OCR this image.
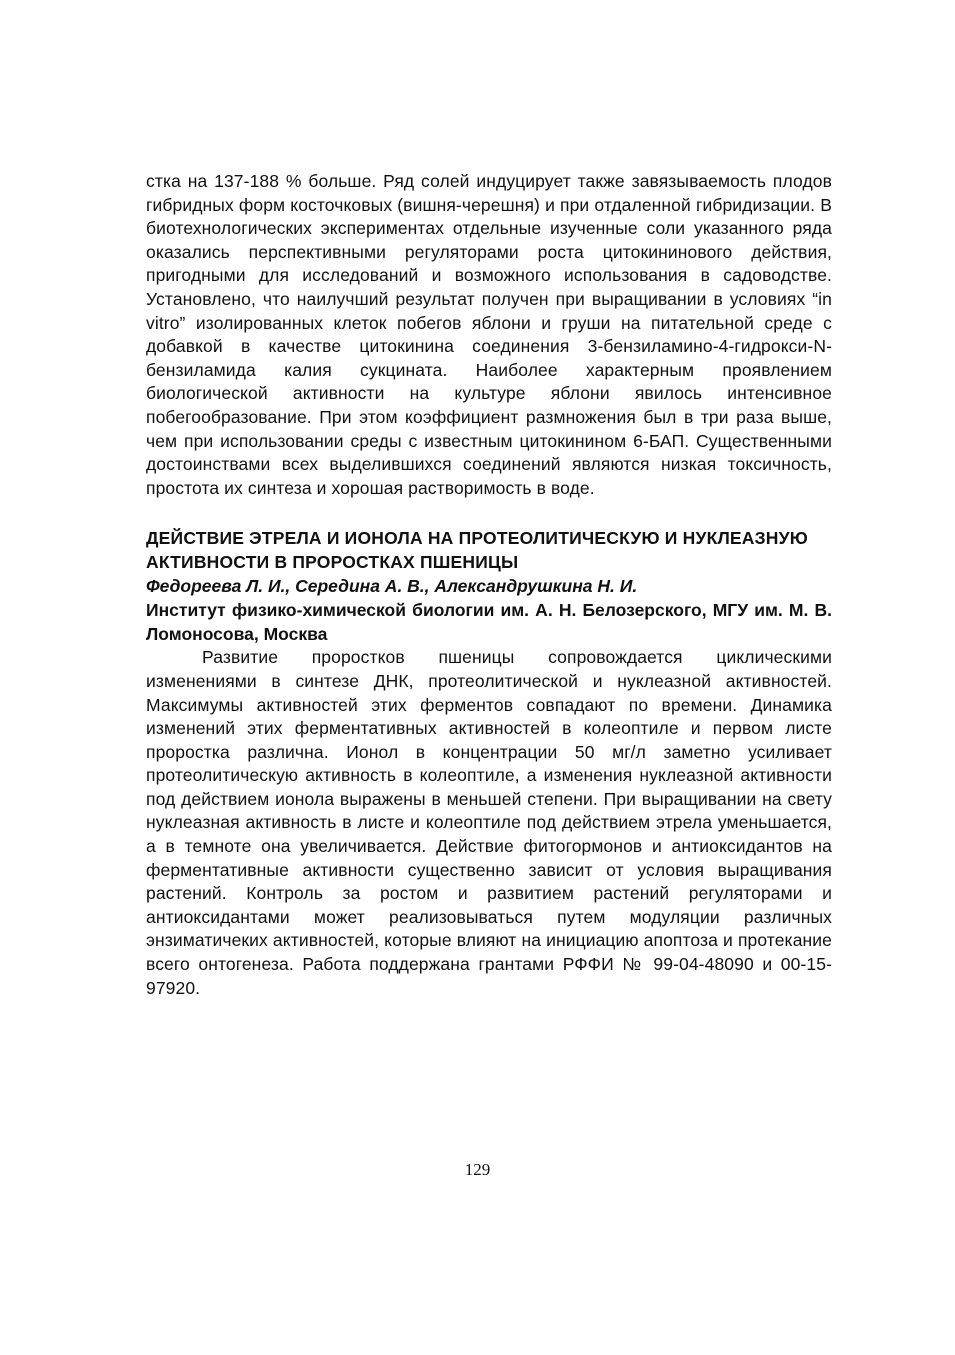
стка на 137-188 % больше. Ряд солей индуцирует также завязываемость плодов гибридных форм косточковых (вишня-черешня) и при отдаленной гибридизации. В биотехнологических экспериментах отдельные изученные соли указанного ряда оказались перспективными регуляторами роста цитокининового действия, пригодными для исследований и возможного использования в садоводстве. Установлено, что наилучший результат получен при выращивании в условиях “in vitro” изолированных клеток побегов яблони и груши на питательной среде с добавкой в качестве цитокинина соединения 3-бензиламино-4-гидрокси-N-бензиламида калия сукцината. Наиболее характерным проявлением биологической активности на культуре яблони явилось интенсивное побегообразование. При этом коэффициент размножения был в три раза выше, чем при использовании среды с известным цитокинином 6-БАП. Существенными достоинствами всех выделившихся соединений являются низкая токсичность, простота их синтеза и хорошая растворимость в воде.

ДЕЙСТВИЕ ЭТРЕЛА И ИОНОЛА НА ПРОТЕОЛИТИЧЕСКУЮ И НУКЛЕАЗНУЮ АКТИВНОСТИ В ПРОРОСТКАХ ПШЕНИЦЫ

Федореева Л. И., Середина А. В., Александрушкина Н. И.

Институт физико-химической биологии им. А. Н. Белозерского, МГУ им. М. В. Ломоносова, Москва

Развитие проростков пшеницы сопровождается циклическими изменениями в синтезе ДНК, протеолитической и нуклеазной активностей. Максимумы активностей этих ферментов совпадают по времени. Динамика изменений этих ферментативных активностей в колеоптиле и первом листе проростка различна. Ионол в концентрации 50 мг/л заметно усиливает протеолитическую активность в колеоптиле, а изменения нуклеазной активности под действием ионола выражены в меньшей степени. При выращивании на свету нуклеазная активность в листе и колеоптиле под действием этрела уменьшается, а в темноте она увеличивается. Действие фитогормонов и антиоксидантов на ферментативные активности существенно зависит от условия выращивания растений. Контроль за ростом и развитием растений регуляторами и антиоксидантами может реализовываться путем модуляции различных энзиматичеких активностей, которые влияют на инициацию апоптоза и протекание всего онтогенеза. Работа поддержана грантами РФФИ № 99-04-48090 и 00-15-97920.

129
